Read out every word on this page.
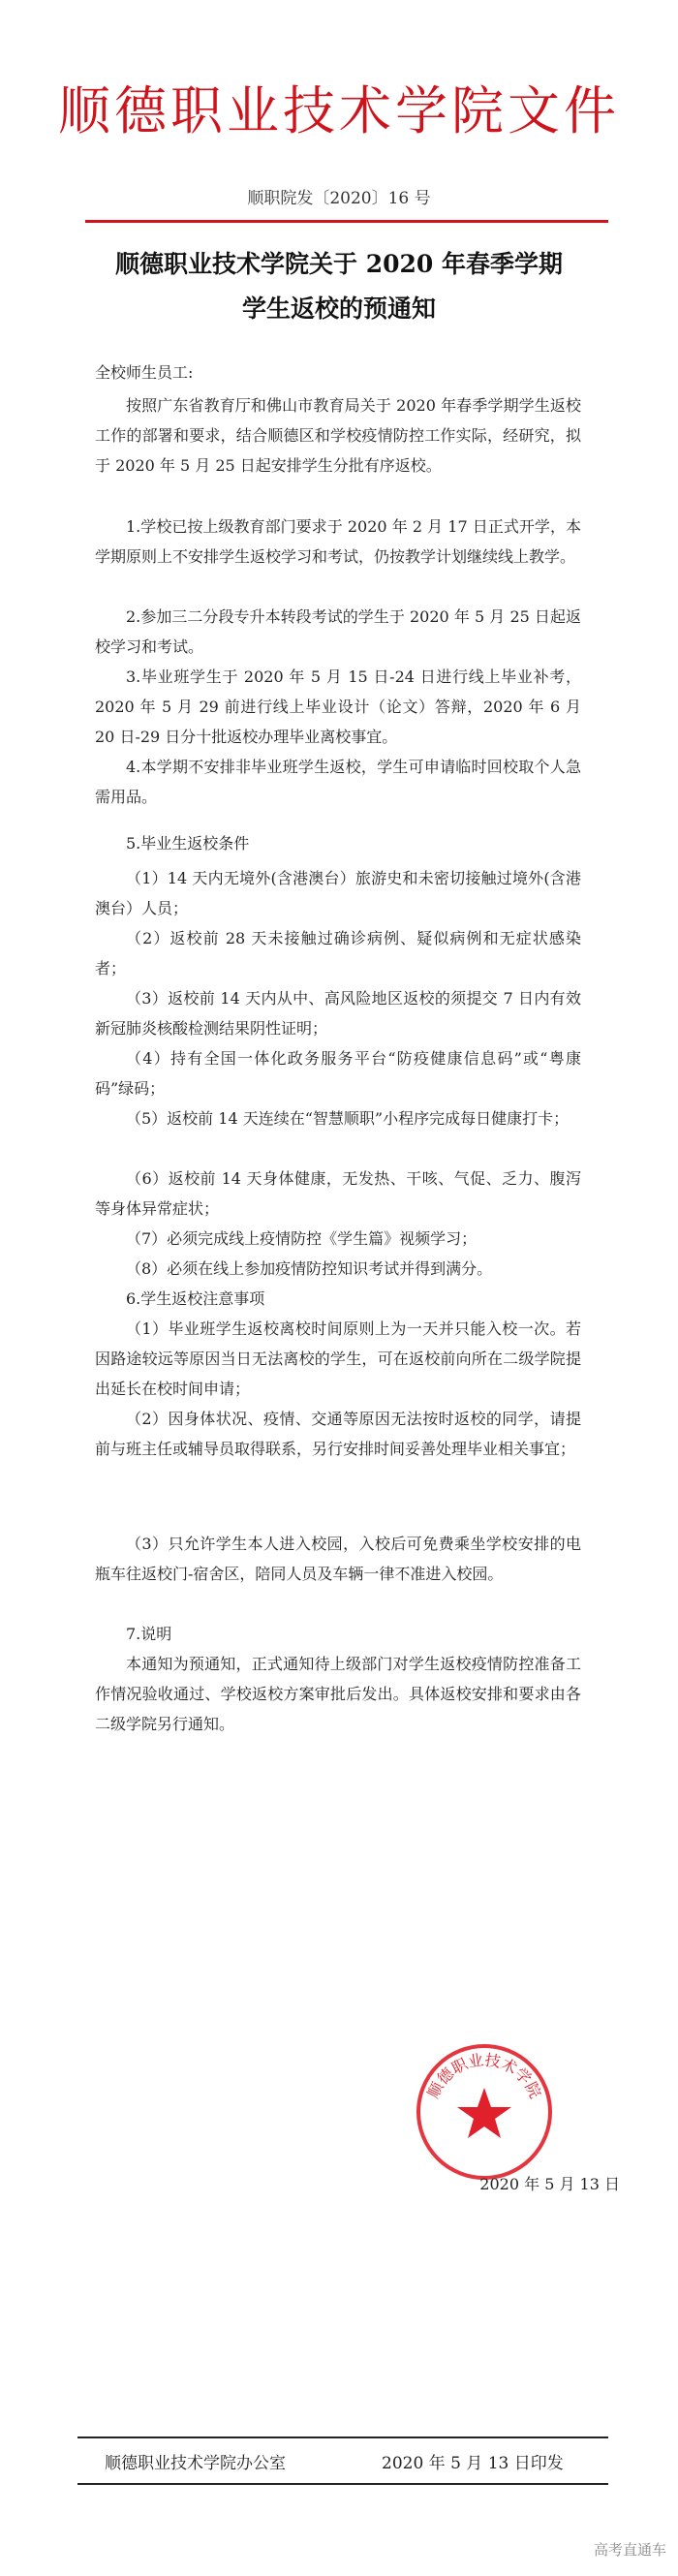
顺德职业技术学院文件
顺职院发〔2020〕16 号
顺德职业技术学院关于 2020 年春季学期
学生返校的预通知
全校师生员工:
按照广东省教育厅和佛山市教育局关于 2020 年春季学期学生返校工作的部署和要求，结合顺德区和学校疫情防控工作实际，经研究，拟于 2020 年 5 月 25 日起安排学生分批有序返校。
1.学校已按上级教育部门要求于 2020 年 2 月 17 日正式开学，本学期原则上不安排学生返校学习和考试，仍按教学计划继续线上教学。
2.参加三二分段专升本转段考试的学生于 2020 年 5 月 25 日起返校学习和考试。
3.毕业班学生于 2020 年 5 月 15 日-24 日进行线上毕业补考，2020 年 5 月 29 前进行线上毕业设计（论文）答辩，2020 年 6 月 20 日-29 日分十批返校办理毕业离校事宜。
4.本学期不安排非毕业班学生返校，学生可申请临时回校取个人急需用品。
5.毕业生返校条件
（1）14 天内无境外(含港澳台）旅游史和未密切接触过境外(含港澳台）人员；
（2）返校前 28 天未接触过确诊病例、疑似病例和无症状感染者；
（3）返校前 14 天内从中、高风险地区返校的须提交 7 日内有效新冠肺炎核酸检测结果阴性证明；
（4）持有全国一体化政务服务平台“防疫健康信息码”或“粤康码”绿码；
（5）返校前 14 天连续在“智慧顺职”小程序完成每日健康打卡；
（6）返校前 14 天身体健康，无发热、干咳、气促、乏力、腹泻等身体异常症状；
（7）必须完成线上疫情防控《学生篇》视频学习；
（8）必须在线上参加疫情防控知识考试并得到满分。
6.学生返校注意事项
（1）毕业班学生返校离校时间原则上为一天并只能入校一次。若因路途较远等原因当日无法离校的学生，可在返校前向所在二级学院提出延长在校时间申请；
（2）因身体状况、疫情、交通等原因无法按时返校的同学，请提前与班主任或辅导员取得联系，另行安排时间妥善处理毕业相关事宜；
（3）只允许学生本人进入校园，入校后可免费乘坐学校安排的电瓶车往返校门-宿舍区，陪同人员及车辆一律不准进入校园。
7.说明
本通知为预通知，正式通知待上级部门对学生返校疫情防控准备工作情况验收通过、学校返校方案审批后发出。具体返校安排和要求由各二级学院另行通知。
顺德职业技术学院
2020 年 5 月 13 日
顺德职业技术学院办公室	2020 年 5 月 13 日印发
高考直通车
